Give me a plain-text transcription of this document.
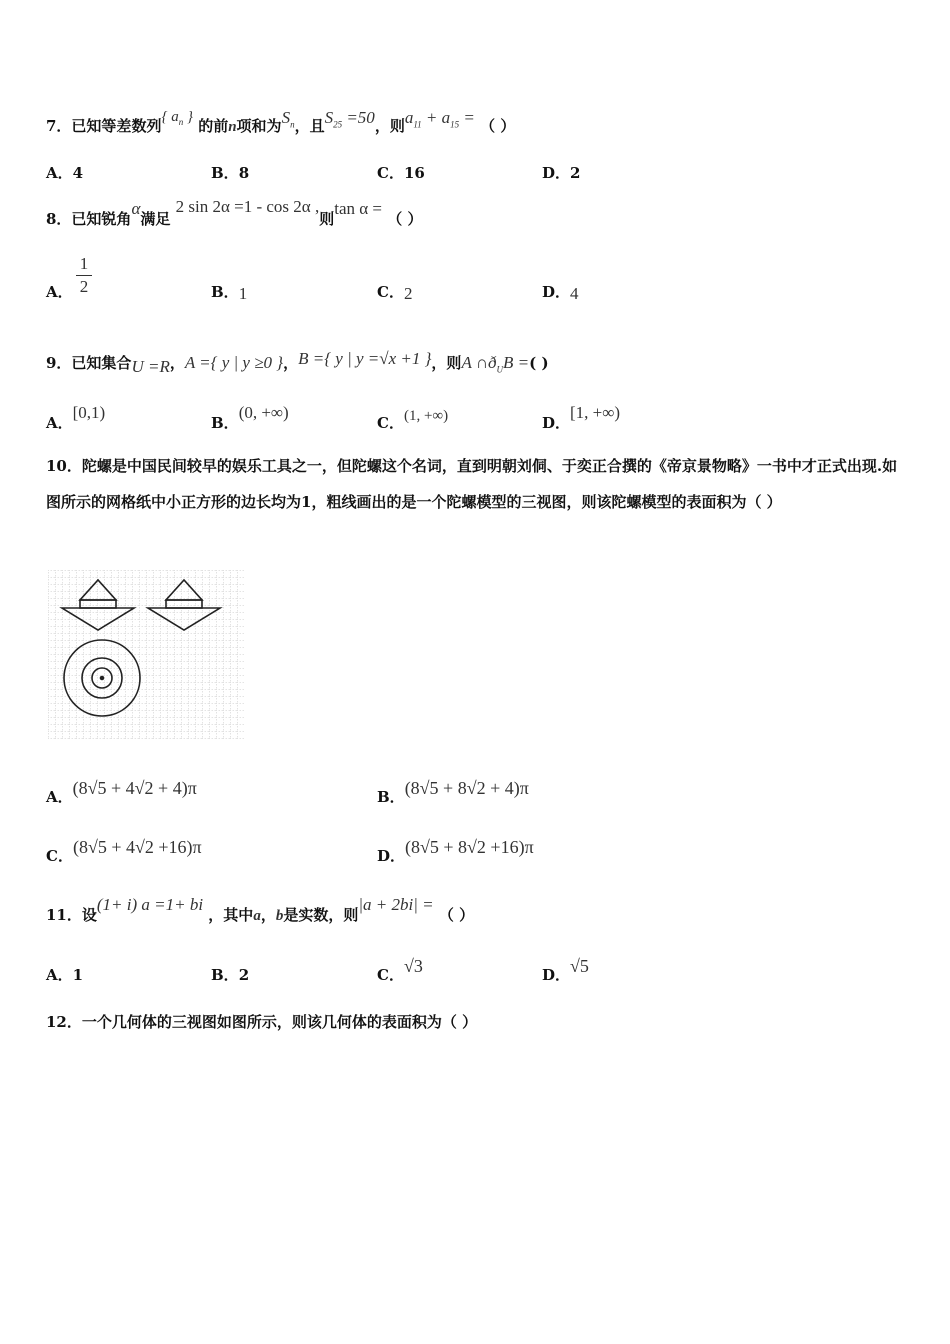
7．已知等差数列{ $a_n$ } 的前n项和为$S_n$，且$S_{25} =50$，则$a_{11} + a_{15}$ = （ ）
A．4	B．8	C．16	D．2
8．已知锐角α满足 2 sin 2α =1 - cos 2α ,则tan α = （ ）
A．
1
2	B．1	C．2	D．4
9．已知集合U =R，A ={ y | y ≥0 }，B ={ y | y =√x +1 }，则A $\cap ð_UB$ =( )
A．[0,1)
B．(0, +∞)
C．(1, +∞)	D．[1, +∞)
10．陀螺是中国民间较早的娱乐工具之一，但陀螺这个名词，直到明朝刘侗、于奕正合撰的《帝京景物略》一书中才正式出现.如图所示的网格纸中小正方形的边长均为1，粗线画出的是一个陀螺模型的三视图，则该陀螺模型的表面积为（ ）
A．(8√5 + 4√2 + 4)π	B．(8√5 + 8√2 + 4)π
C．(8√5 + 4√2 +16)π	D．(8√5 + 8√2 +16)π
11．设(1+ i) a =1+ bi ，其中a，b是实数，则|a + 2bi| = （ ）
A．1	B．2	C．√3	D．√5
12．一个几何体的三视图如图所示，则该几何体的表面积为（ ）
